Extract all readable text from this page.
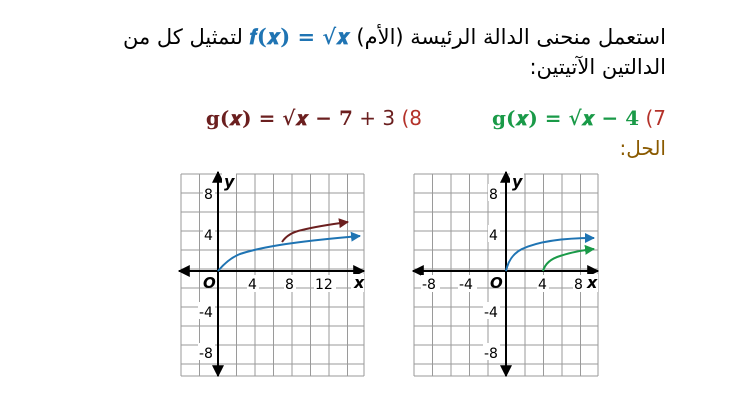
استعمل منحنى الدالة الرئيسة (الأم) 𝒇(𝒙) = √𝒙 لتمثيل كل من الدالتين الآتيتين:
g(𝒙) = √𝒙 − 𝟒 (7
g(𝒙) = √𝒙 − 𝟕 + 3 (8
الحل:
x
y
O 4 8 12
8
4
-4
-8
x
y
O
-8 -4	4 8
8
4
-4
-8
